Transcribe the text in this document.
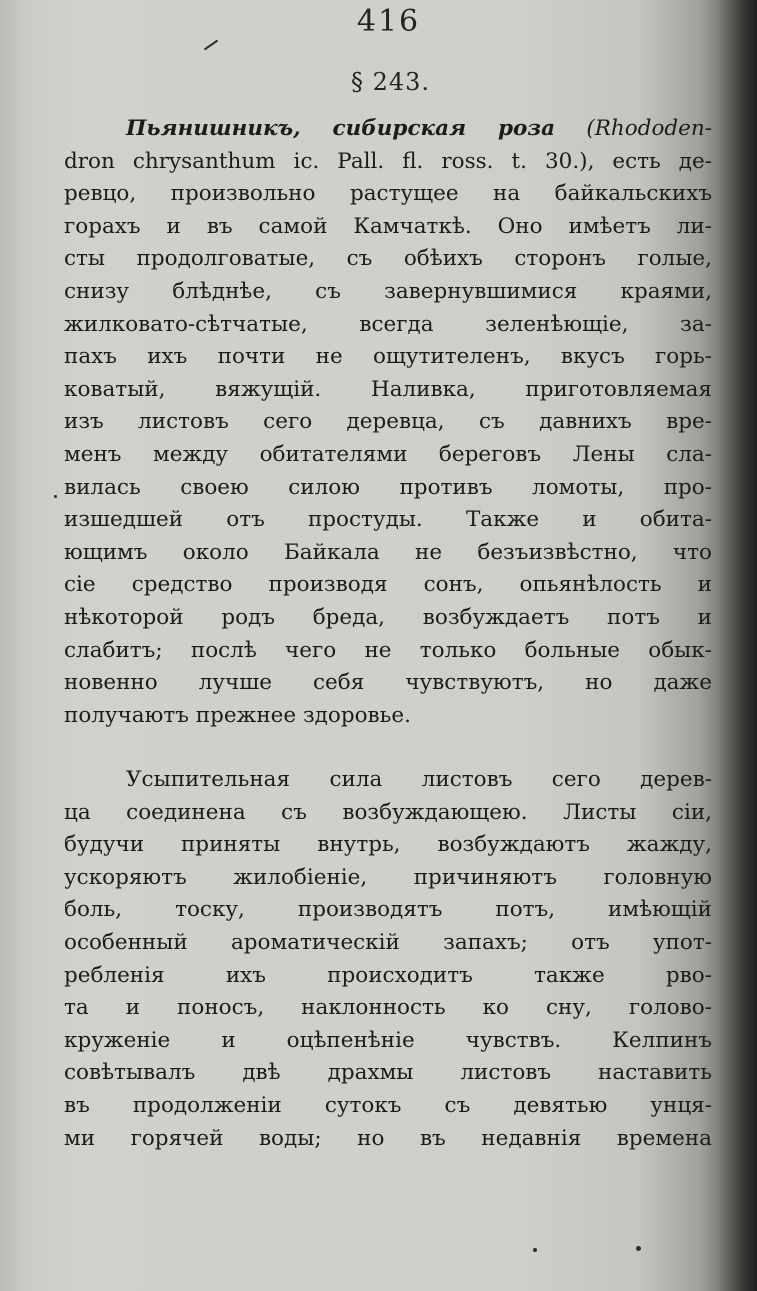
416
§ 243.
Пьянишникъ, сибирская роза (Rhododen-
dron chrysanthum ic. Pall. fl. ross. t. 30.), есть де-
ревцо, произвольно растущее на байкальскихъ
горахъ и въ самой Камчаткѣ. Оно имѣетъ ли-
сты продолговатые, съ обѣихъ сторонъ голые,
снизу блѣднѣе, съ завернувшимися краями,
жилковато-сѣтчатые, всегда зеленѣющіе, за-
пахъ ихъ почти не ощутителенъ, вкусъ горь-
коватый, вяжущій. Наливка, приготовляемая
изъ листовъ сего деревца, съ давнихъ вре-
менъ между обитателями береговъ Лены сла-
вилась своею силою противъ ломоты, про-
изшедшей отъ простуды. Также и обита-
ющимъ около Байкала не безъизвѣстно, что
сіе средство производя сонъ, опьянѣлость и
нѣкоторой родъ бреда, возбуждаетъ потъ и
слабитъ; послѣ чего не только больные обык-
новенно лучше себя чувствуютъ, но даже
получаютъ прежнее здоровье.
Усыпительная сила листовъ сего дерев-
ца соединена съ возбуждающею. Листы сіи,
будучи приняты внутрь, возбуждаютъ жажду,
ускоряютъ жилобіеніе, причиняютъ головную
боль, тоску, производятъ потъ, имѣющій
особенный ароматическій запахъ; отъ упот-
ребленія ихъ происходитъ также рво-
та и поносъ, наклонность ко сну, голово-
круженіе и оцѣпенѣніе чувствъ. Келпинъ
совѣтывалъ двѣ драхмы листовъ наставить
въ продолженіи сутокъ съ девятью унця-
ми горячей воды; но въ недавнія времена
